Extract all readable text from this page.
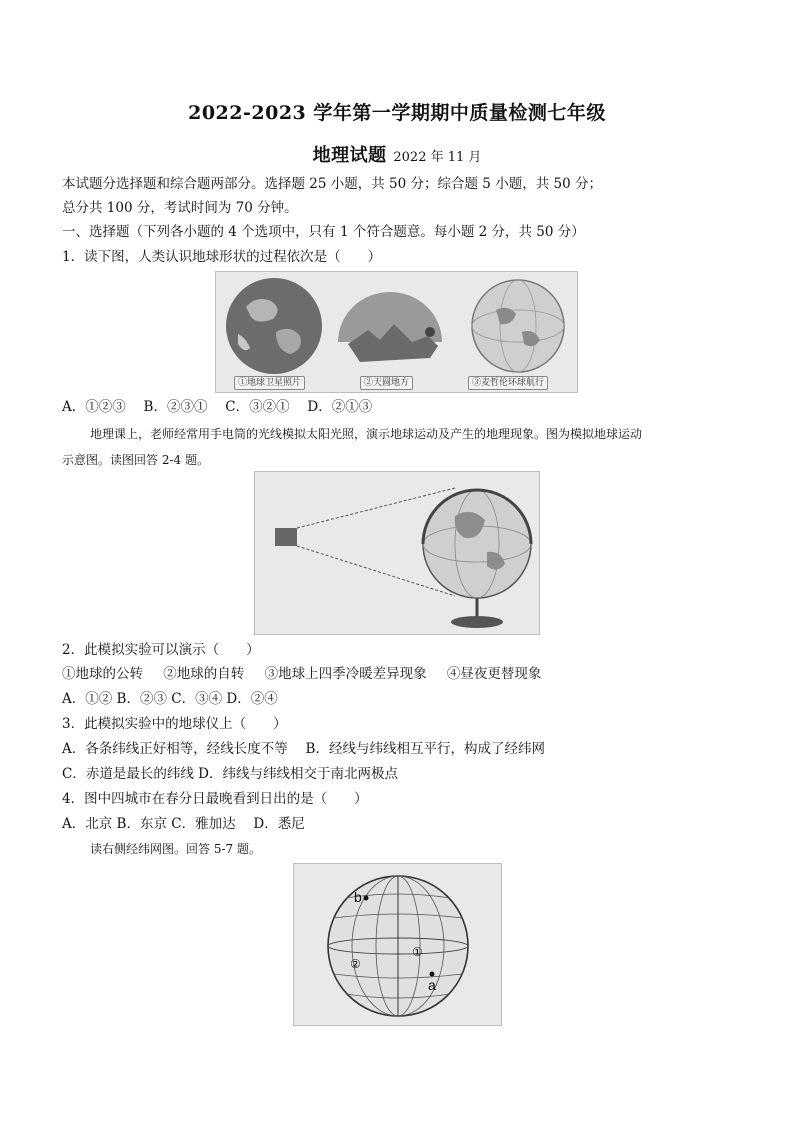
2022-2023 学年第一学期期中质量检测七年级
地理试题 2022 年 11 月
本试题分选择题和综合题两部分。选择题 25 小题，共 50 分；综合题 5 小题，共 50 分；
总分共 100 分，考试时间为 70 分钟。
一、选择题（下列各小题的 4 个选项中，只有 1 个符合题意。每小题 2 分，共 50 分）
1．读下图，人类认识地球形状的过程依次是（　　）
①地球卫星照片	②天圆地方	③麦哲伦环球航行
A．①②③　 B．②③①　 C．③②①　 D．②①③
地理课上，老师经常用手电筒的光线模拟太阳光照，演示地球运动及产生的地理现象。图为模拟地球运动
示意图。读图回答 2-4 题。
2．此模拟实验可以演示（　　）
①地球的公转 ②地球的自转 ③地球上四季冷暖差异现象 ④昼夜更替现象
A．①② B．②③ C．③④ D．②④
3．此模拟实验中的地球仪上（　　）
A．各条纬线正好相等，经线长度不等　 B．经线与纬线相互平行，构成了经纬网
C．赤道是最长的纬线 D．纬线与纬线相交于南北两极点
4．图中四城市在春分日最晚看到日出的是（　　）
A．北京 B．东京 C．雅加达　 D．悉尼
读右侧经纬网图。回答 5-7 题。
b
①
②
a
